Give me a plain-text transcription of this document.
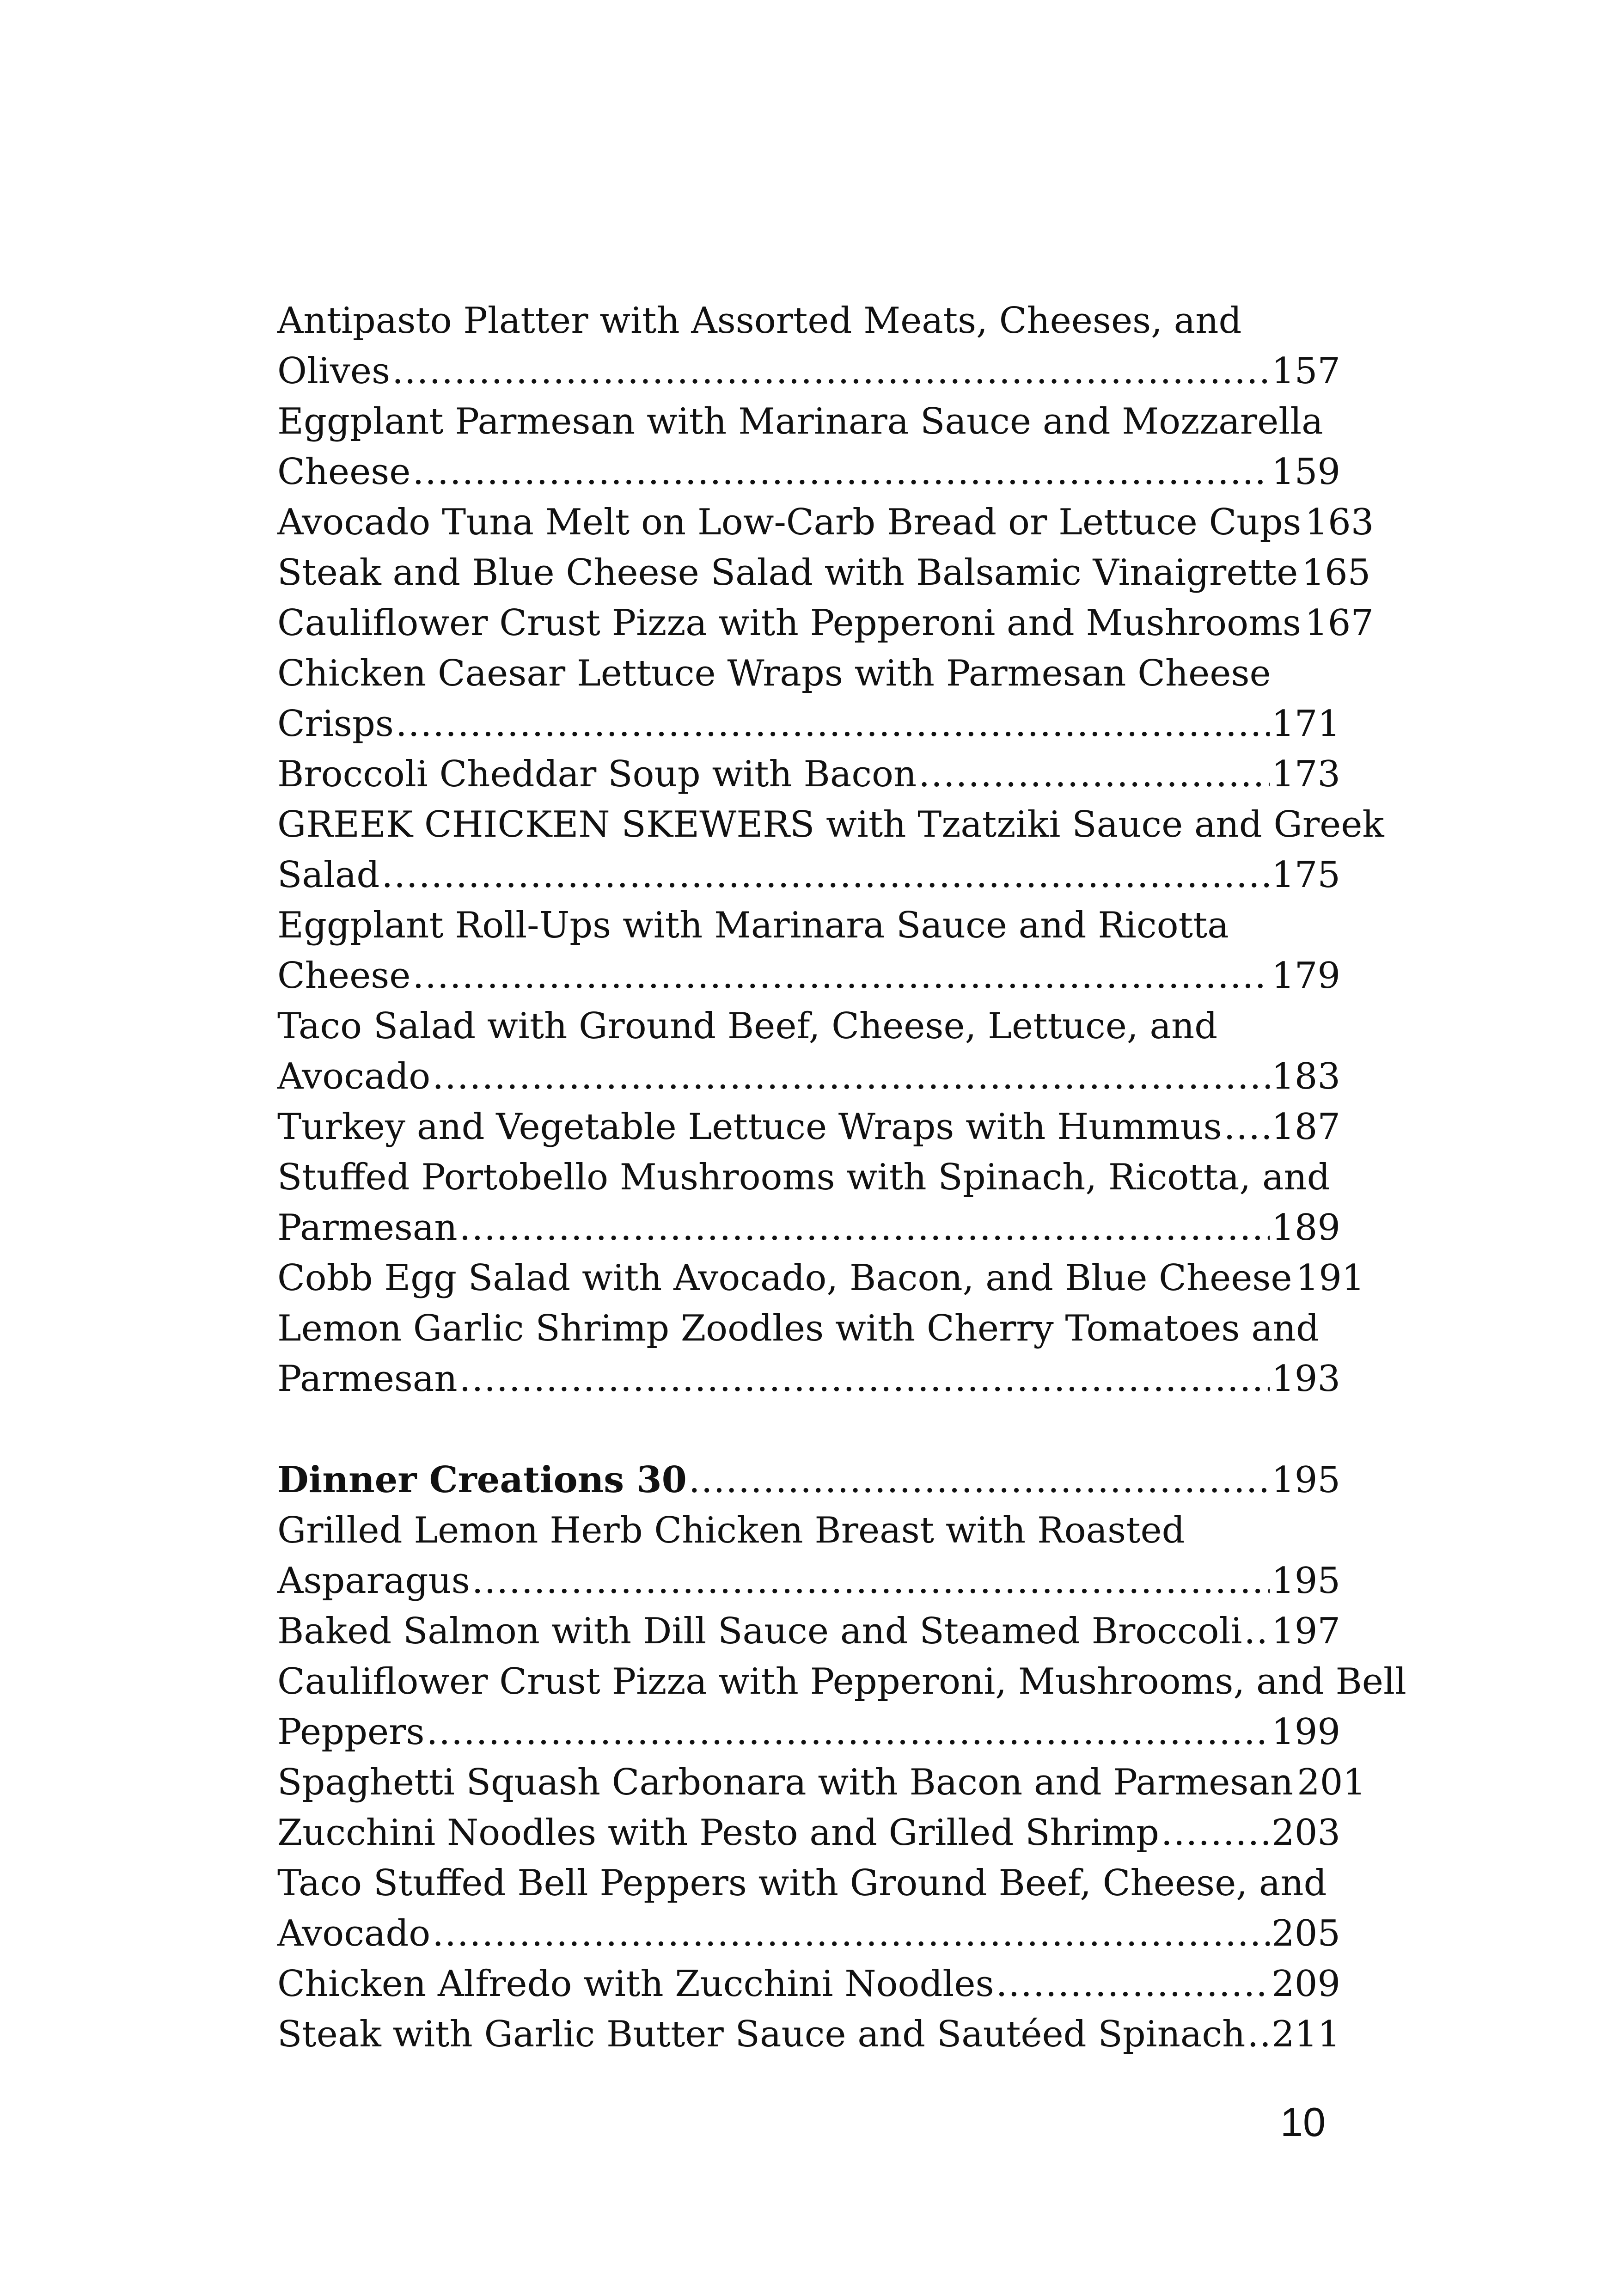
Antipasto Platter with Assorted Meats, Cheeses, and
Olives .....	157
Eggplant Parmesan with Marinara Sauce and Mozzarella
Cheese .....	159
Avocado Tuna Melt on Low-Carb Bread or Lettuce Cups 163
Steak and Blue Cheese Salad with Balsamic Vinaigrette 165
Cauliflower Crust Pizza with Pepperoni and Mushrooms 167
Chicken Caesar Lettuce Wraps with Parmesan Cheese
Crisps .....	171
Broccoli Cheddar Soup with Bacon .....	173
GREEK CHICKEN SKEWERS with Tzatziki Sauce and Greek
Salad .....	175
Eggplant Roll-Ups with Marinara Sauce and Ricotta
Cheese .....	179
Taco Salad with Ground Beef, Cheese, Lettuce, and
Avocado .....	183
Turkey and Vegetable Lettuce Wraps with Hummus ..... 187
Stuffed Portobello Mushrooms with Spinach, Ricotta, and
Parmesan .....	189
Cobb Egg Salad with Avocado, Bacon, and Blue Cheese 191
Lemon Garlic Shrimp Zoodles with Cherry Tomatoes and
Parmesan .....	193
Dinner Creations 30 .....	195
Grilled Lemon Herb Chicken Breast with Roasted
Asparagus .....	195
Baked Salmon with Dill Sauce and Steamed Broccoli ..... 197
Cauliflower Crust Pizza with Pepperoni, Mushrooms, and Bell
Peppers .....	199
Spaghetti Squash Carbonara with Bacon and Parmesan 201
Zucchini Noodles with Pesto and Grilled Shrimp .....	203
Taco Stuffed Bell Peppers with Ground Beef, Cheese, and
Avocado .....	205
Chicken Alfredo with Zucchini Noodles .....	209
Steak with Garlic Butter Sauce and Sautéed Spinach ..... 211
10
